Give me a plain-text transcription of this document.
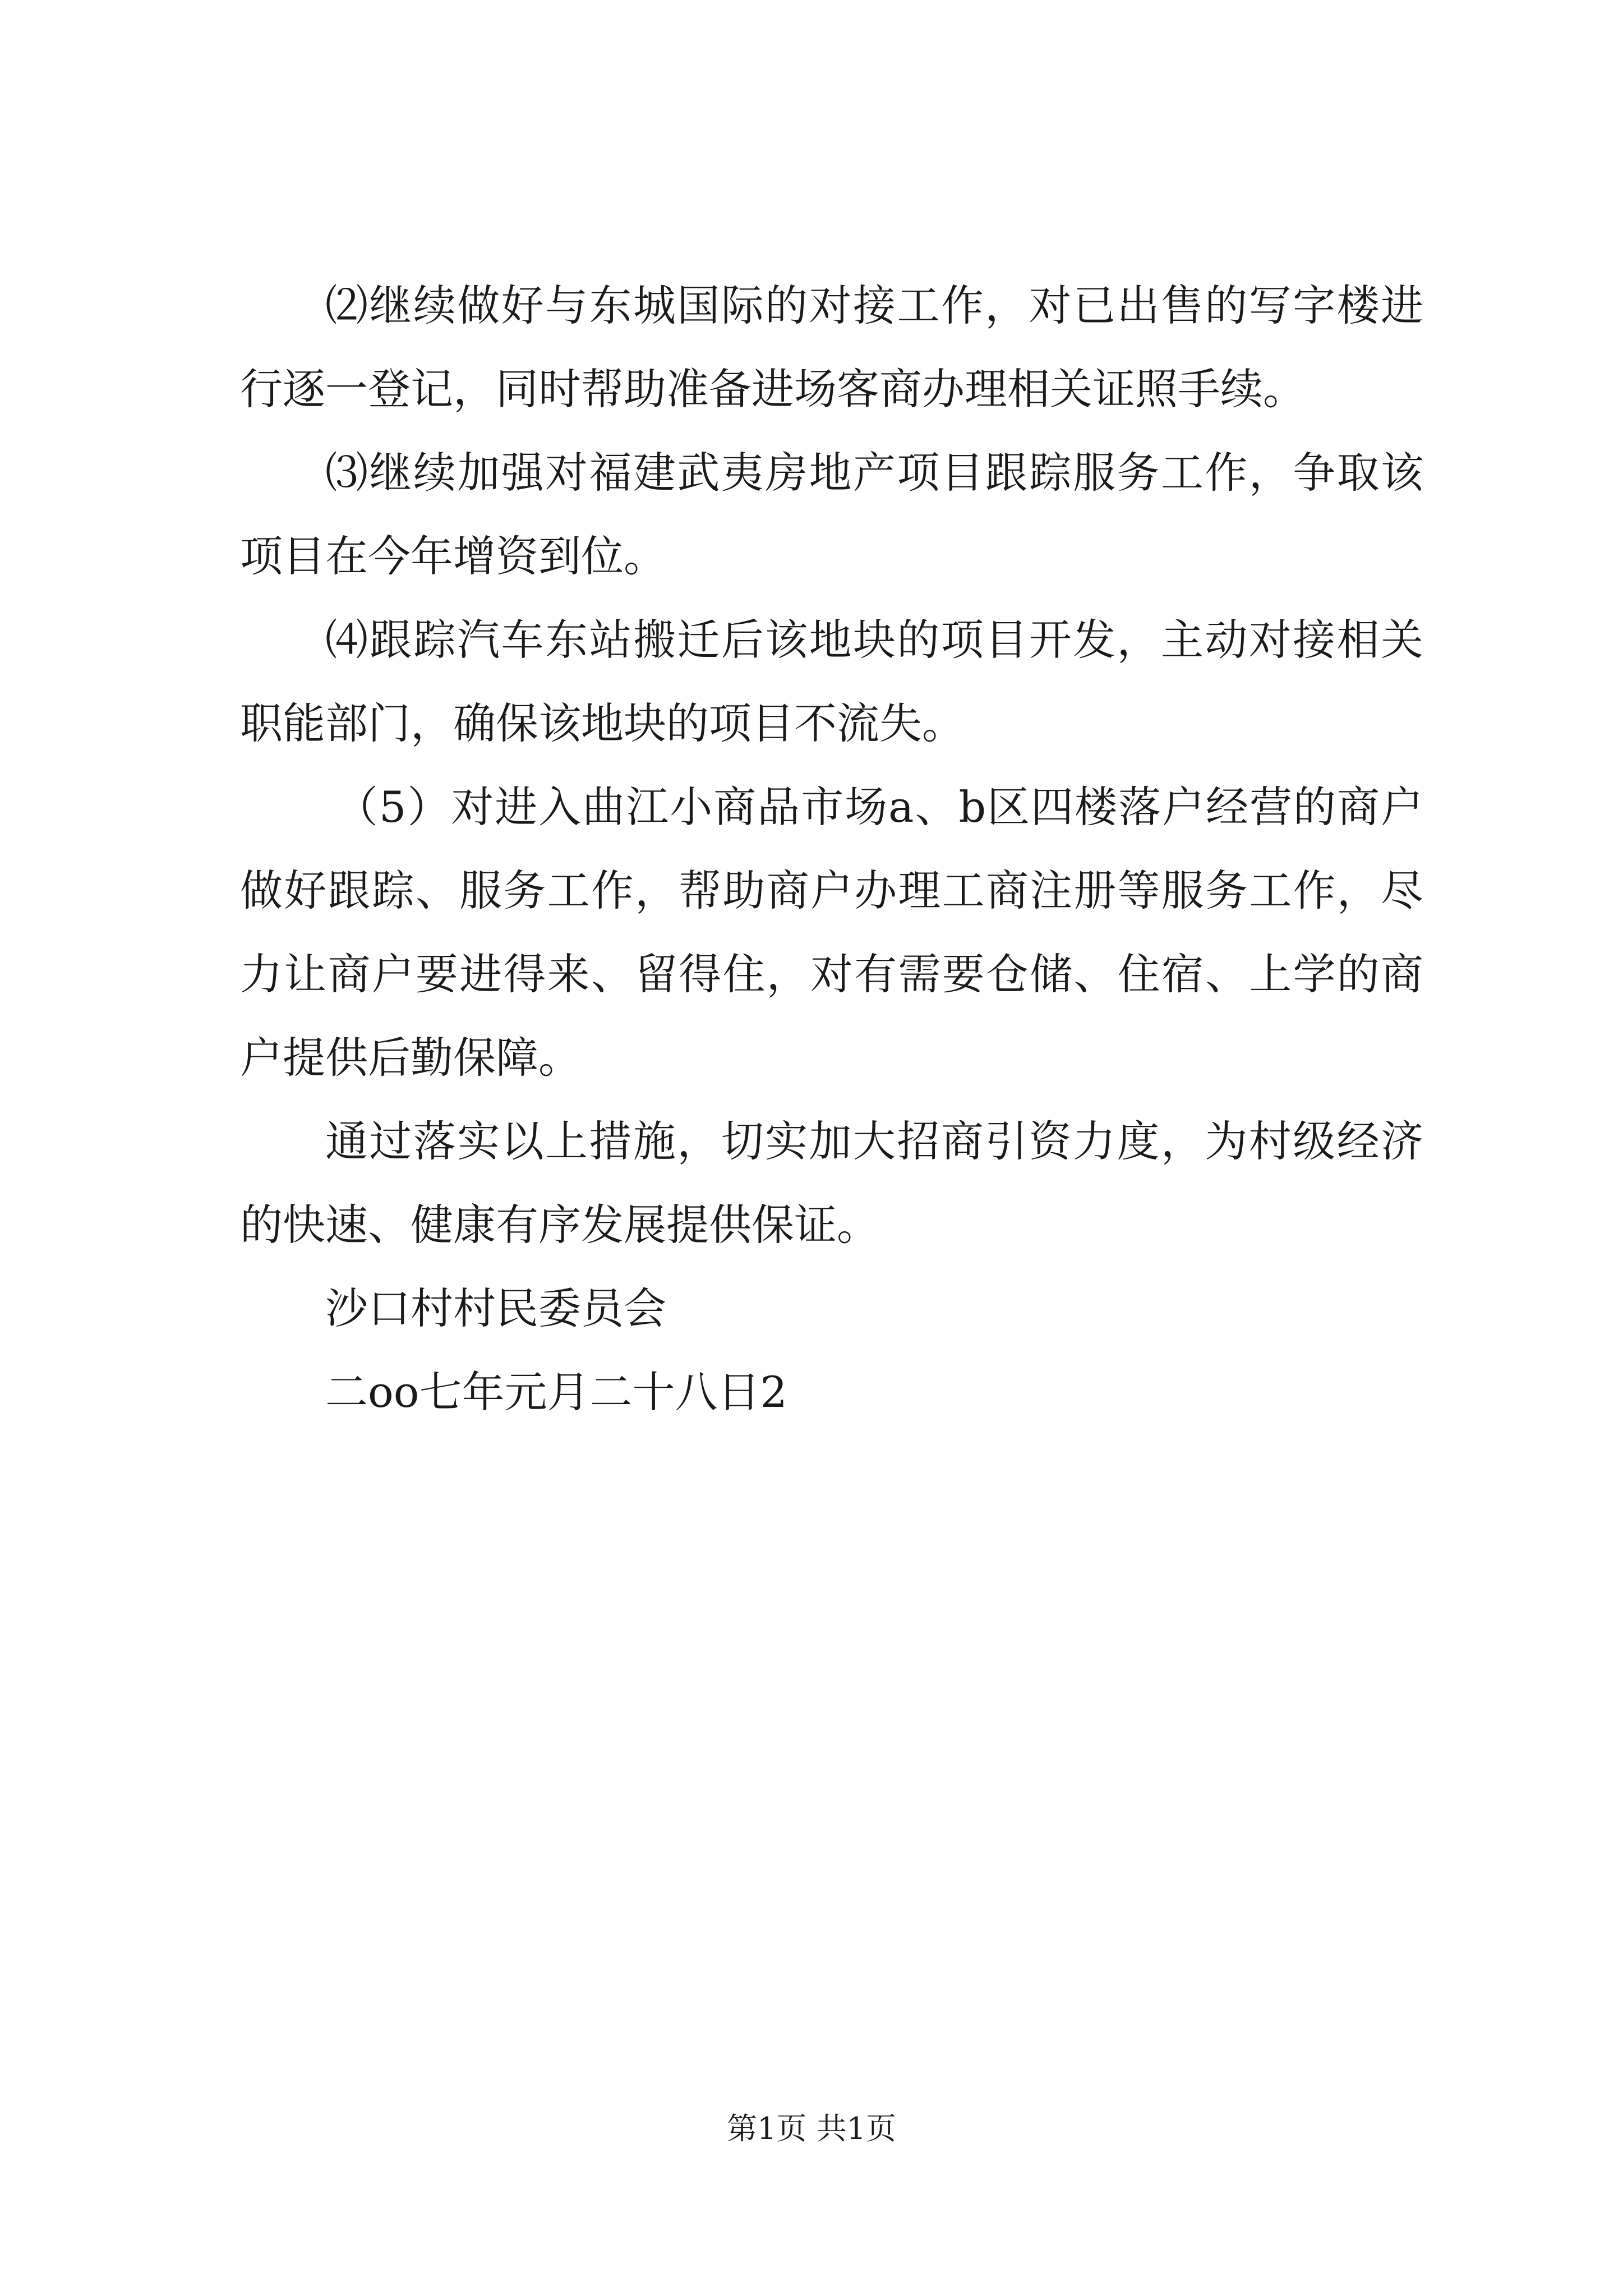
⑵继续做好与东城国际的对接工作，对已出售的写字楼进行逐一登记，同时帮助准备进场客商办理相关证照手续。

⑶继续加强对福建武夷房地产项目跟踪服务工作，争取该项目在今年增资到位。

⑷跟踪汽车东站搬迁后该地块的项目开发，主动对接相关职能部门，确保该地块的项目不流失。

（5）对进入曲江小商品市场a、b区四楼落户经营的商户做好跟踪、服务工作，帮助商户办理工商注册等服务工作，尽力让商户要进得来、留得住，对有需要仓储、住宿、上学的商户提供后勤保障。

通过落实以上措施，切实加大招商引资力度，为村级经济的快速、健康有序发展提供保证。

沙口村村民委员会

二oo七年元月二十八日2

第1页 共1页
